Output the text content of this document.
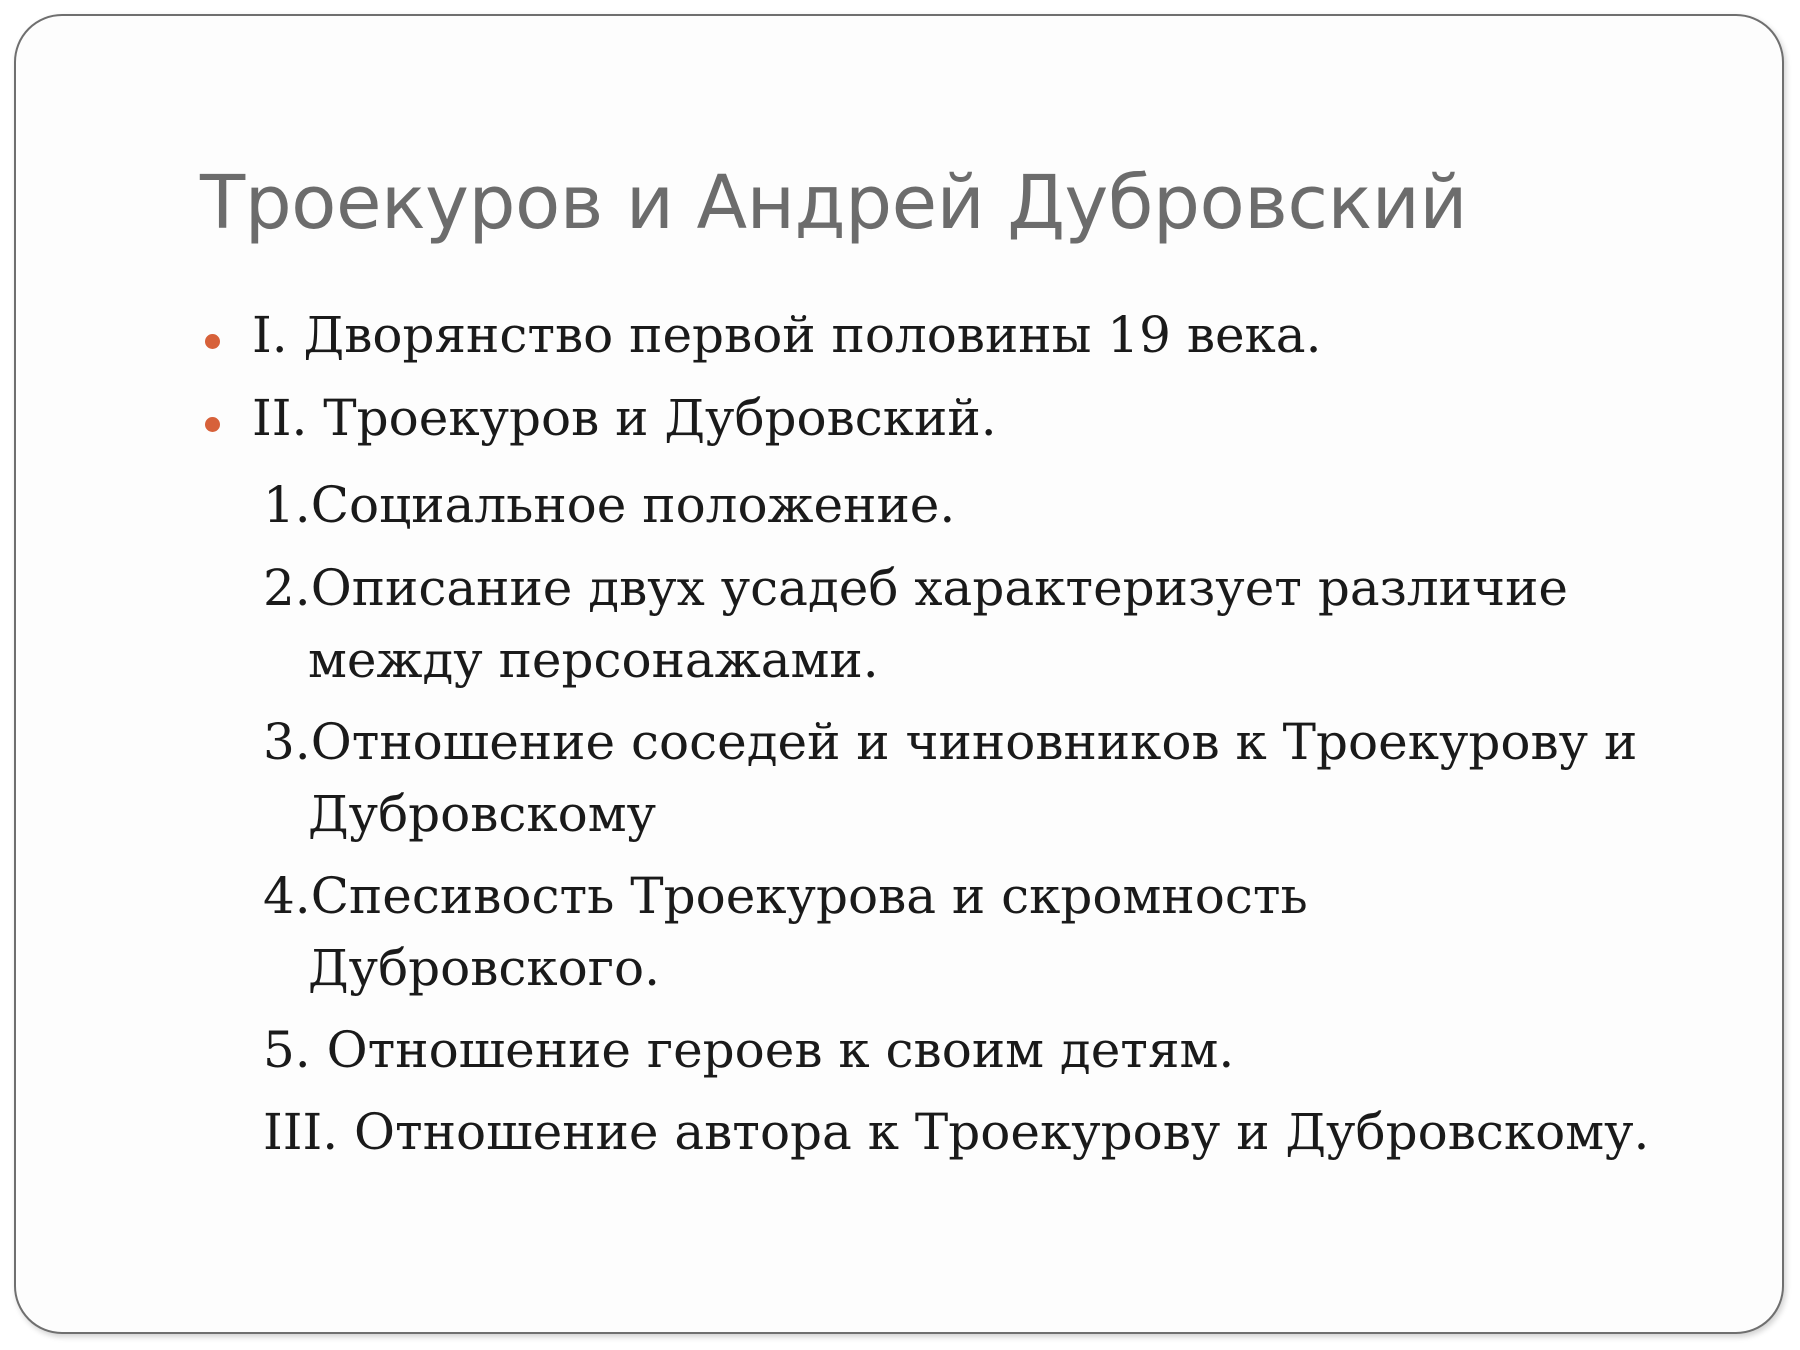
Троекуров и Андрей Дубровский
I. Дворянство первой половины 19 века.
II. Троекуров и Дубровский.
1.Социальное положение.
2.Описание двух усадеб характеризует различие
между персонажами.
3.Отношение соседей и чиновников к Троекурову и
Дубровскому
4.Спесивость Троекурова и скромность
Дубровского.
5. Отношение героев к своим детям.
III. Отношение автора к Троекурову и Дубровскому.
